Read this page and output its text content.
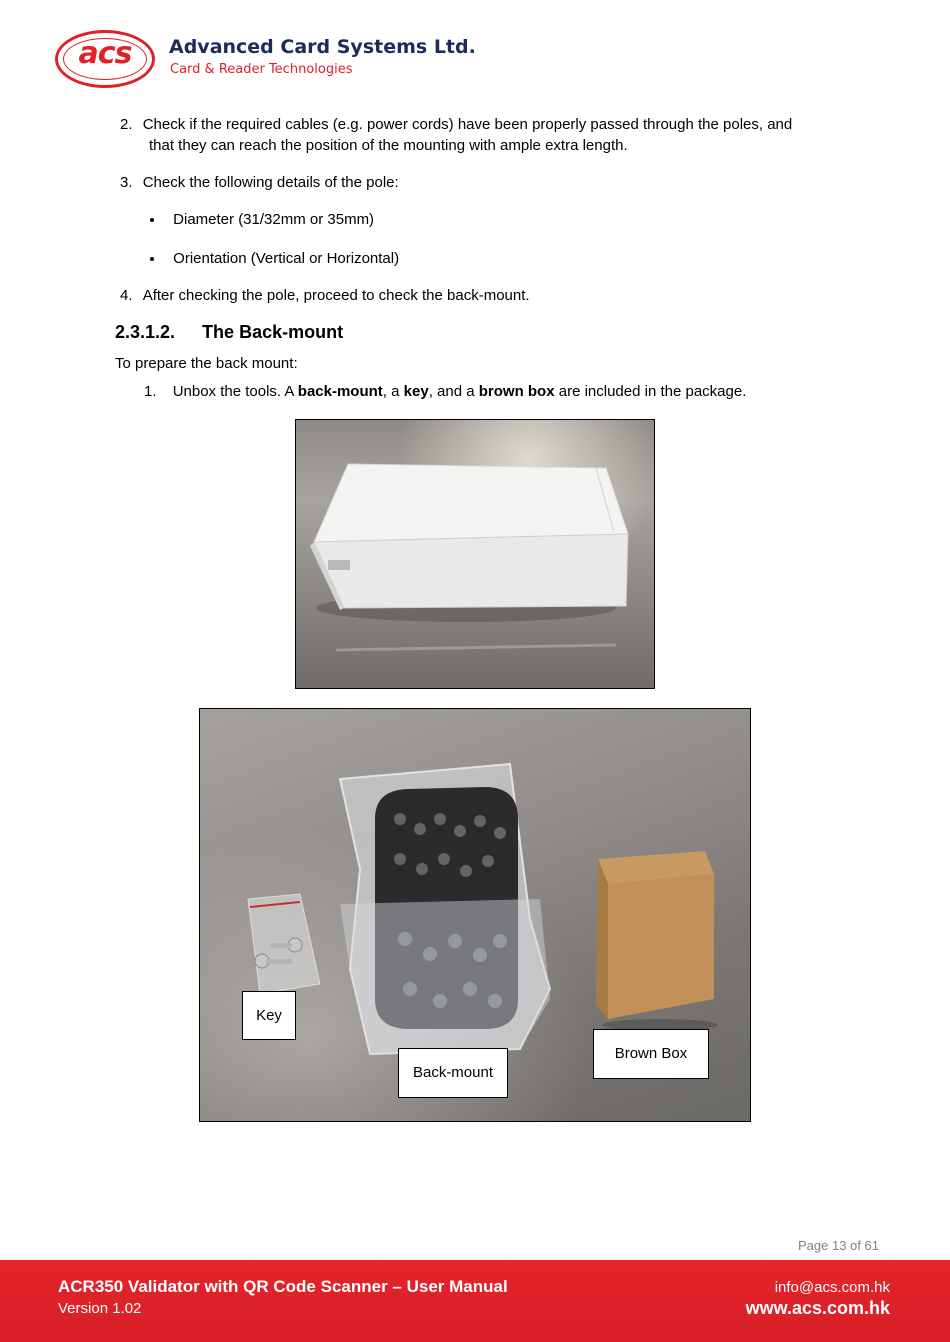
acs	Advanced Card Systems Ltd.
Card & Reader Technologies
2. Check if the required cables (e.g. power cords) have been properly passed through the poles, and
that they can reach the position of the mounting with ample extra length.
3. Check the following details of the pole:
Diameter (31/32mm or 35mm)
Orientation (Vertical or Horizontal)
4. After checking the pole, proceed to check the back-mount.
2.3.1.2. The Back-mount
To prepare the back mount:
1. Unbox the tools. A back-mount, a key, and a brown box are included in the package.
Key
Back-mount
Brown Box
Page 13 of 61
ACR350 Validator with QR Code Scanner – User Manual
Version 1.02
info@acs.com.hk
www.acs.com.hk
